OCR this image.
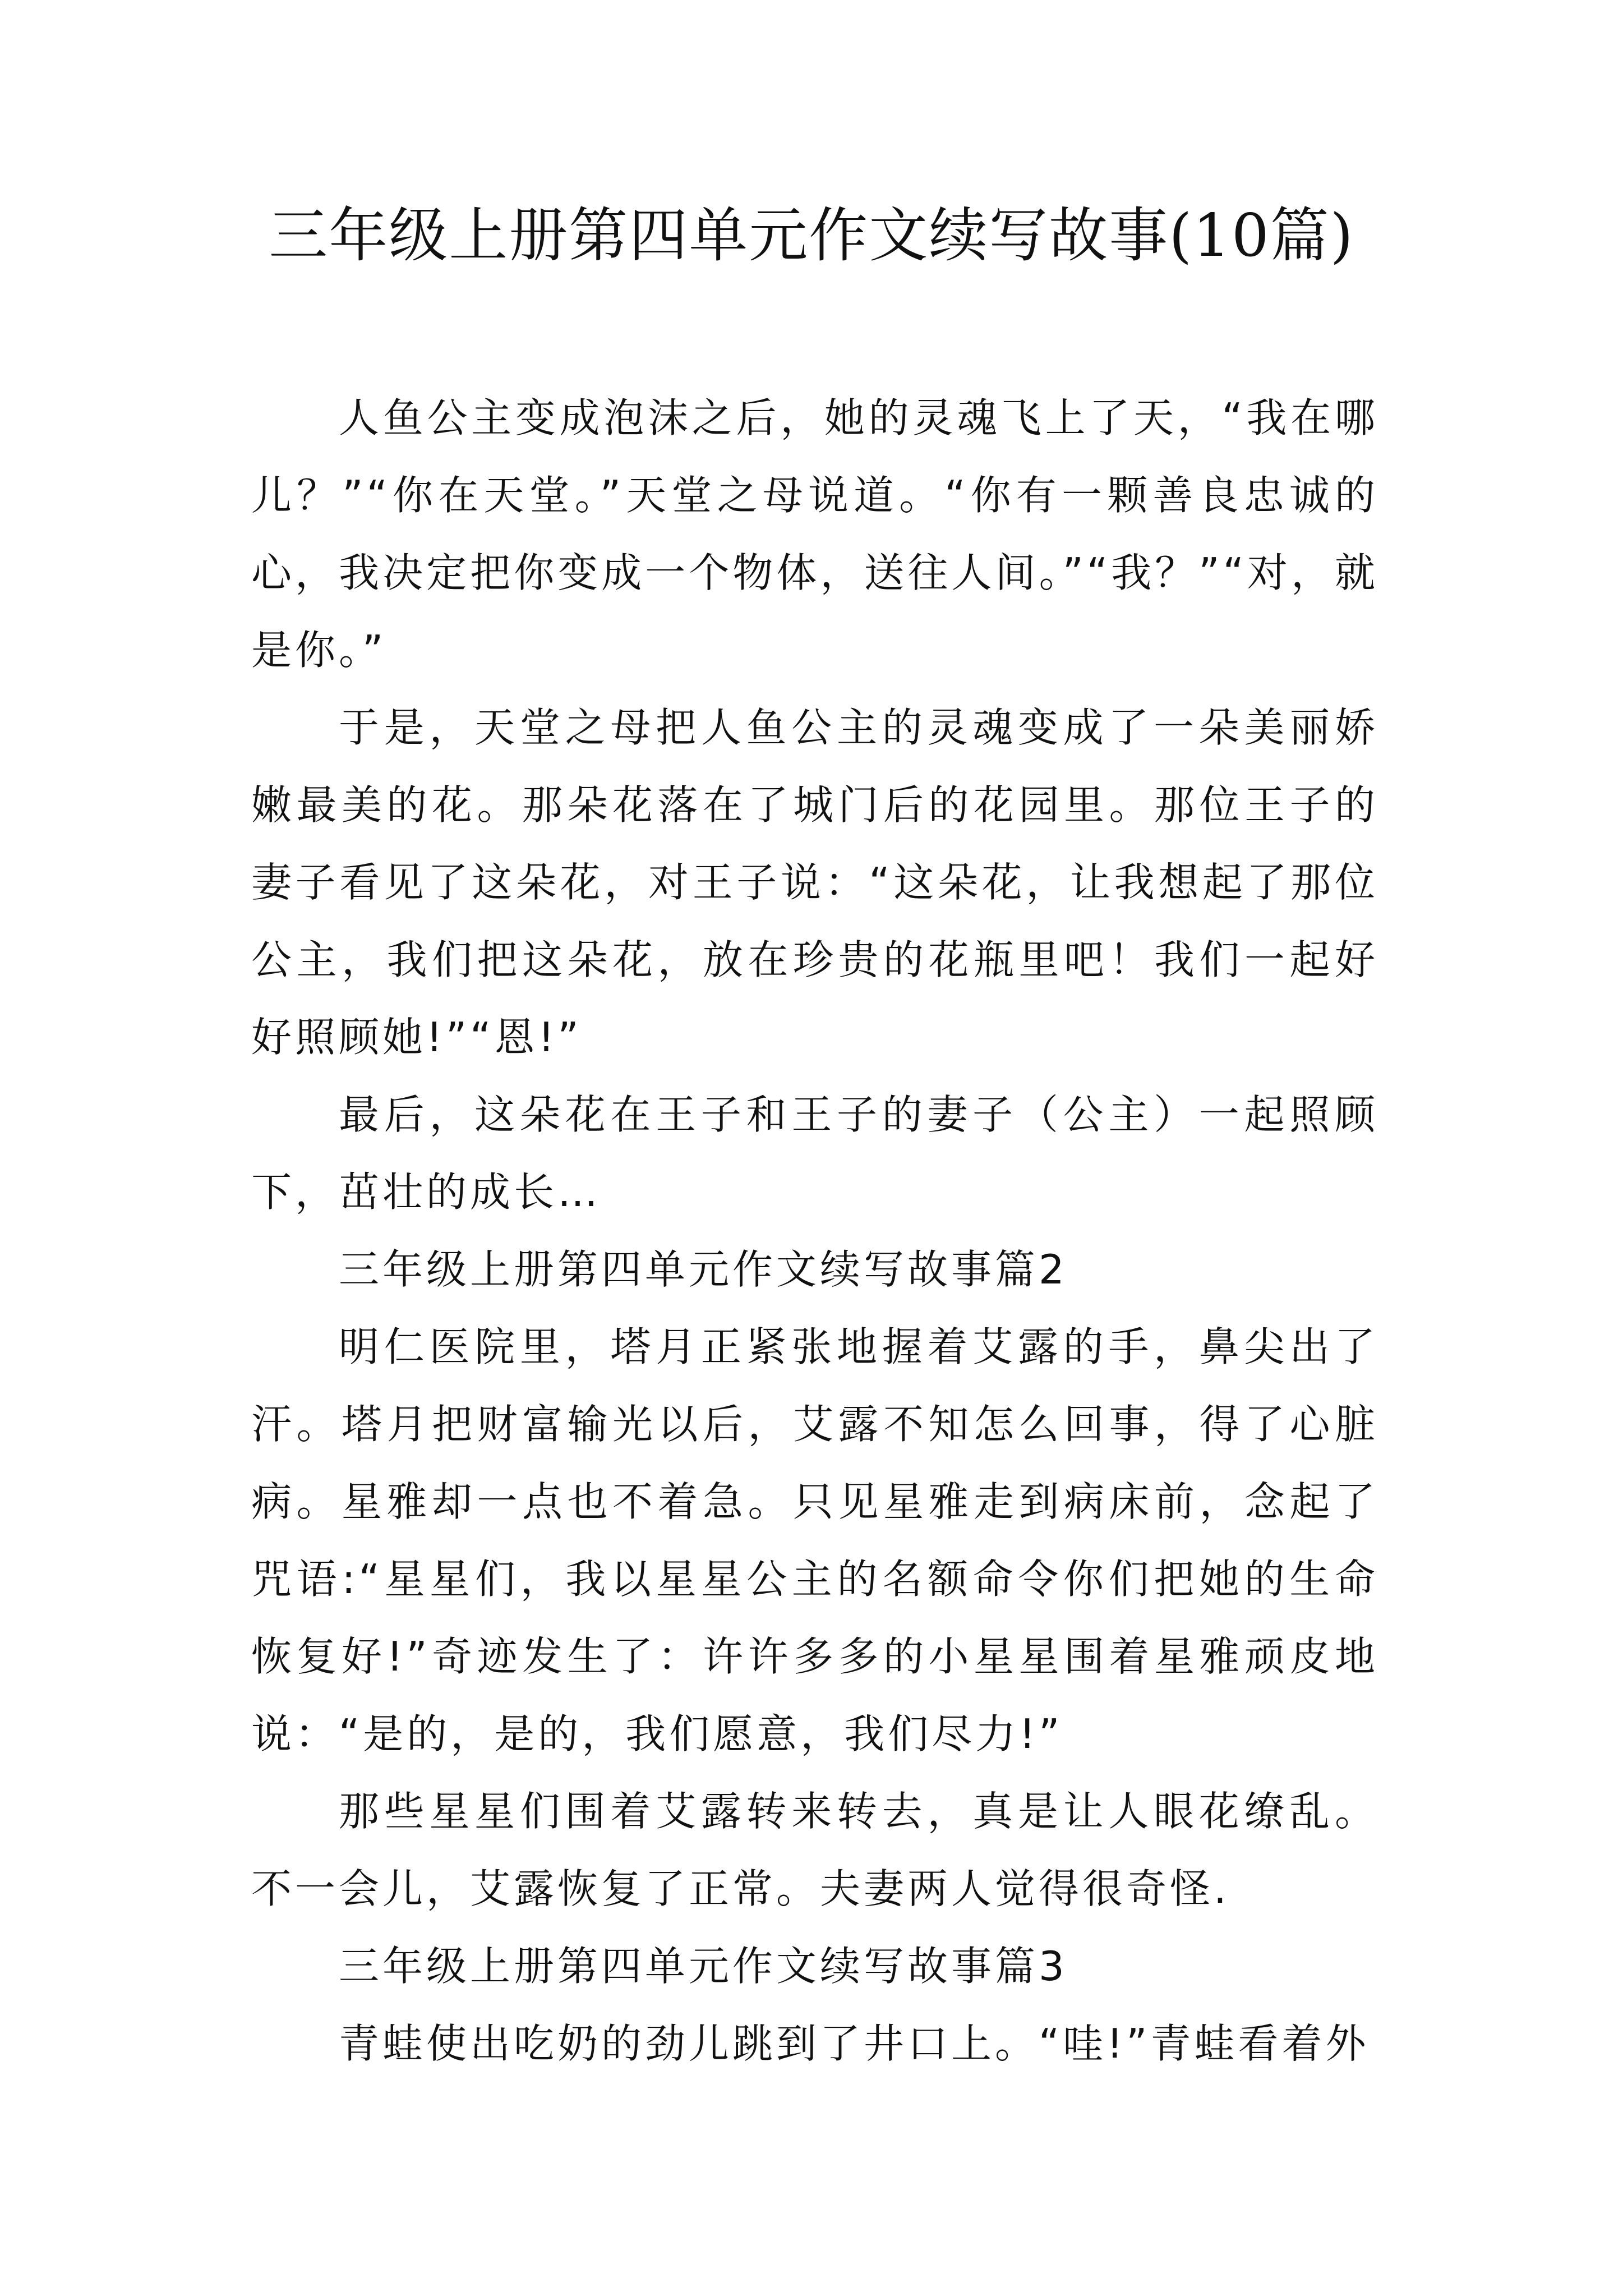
三年级上册第四单元作文续写故事(10篇)

人鱼公主变成泡沫之后，她的灵魂飞上了天，“我在哪儿？”“你在天堂。”天堂之母说道。“你有一颗善良忠诚的心，我决定把你变成一个物体，送往人间。”“我？”“对，就是你。”

于是，天堂之母把人鱼公主的灵魂变成了一朵美丽娇嫩最美的花。那朵花落在了城门后的花园里。那位王子的妻子看见了这朵花，对王子说：“这朵花，让我想起了那位公主，我们把这朵花，放在珍贵的花瓶里吧！我们一起好好照顾她!”“恩!”

最后，这朵花在王子和王子的妻子（公主）一起照顾下，茁壮的成长…

三年级上册第四单元作文续写故事篇2

明仁医院里，塔月正紧张地握着艾露的手，鼻尖出了汗。塔月把财富输光以后，艾露不知怎么回事，得了心脏病。星雅却一点也不着急。只见星雅走到病床前，念起了咒语:“星星们，我以星星公主的名额命令你们把她的生命恢复好!”奇迹发生了：许许多多的小星星围着星雅顽皮地说：“是的，是的，我们愿意，我们尽力!”

那些星星们围着艾露转来转去，真是让人眼花缭乱。不一会儿，艾露恢复了正常。夫妻两人觉得很奇怪.

三年级上册第四单元作文续写故事篇3

青蛙使出吃奶的劲儿跳到了井口上。“哇!”青蛙看着外
